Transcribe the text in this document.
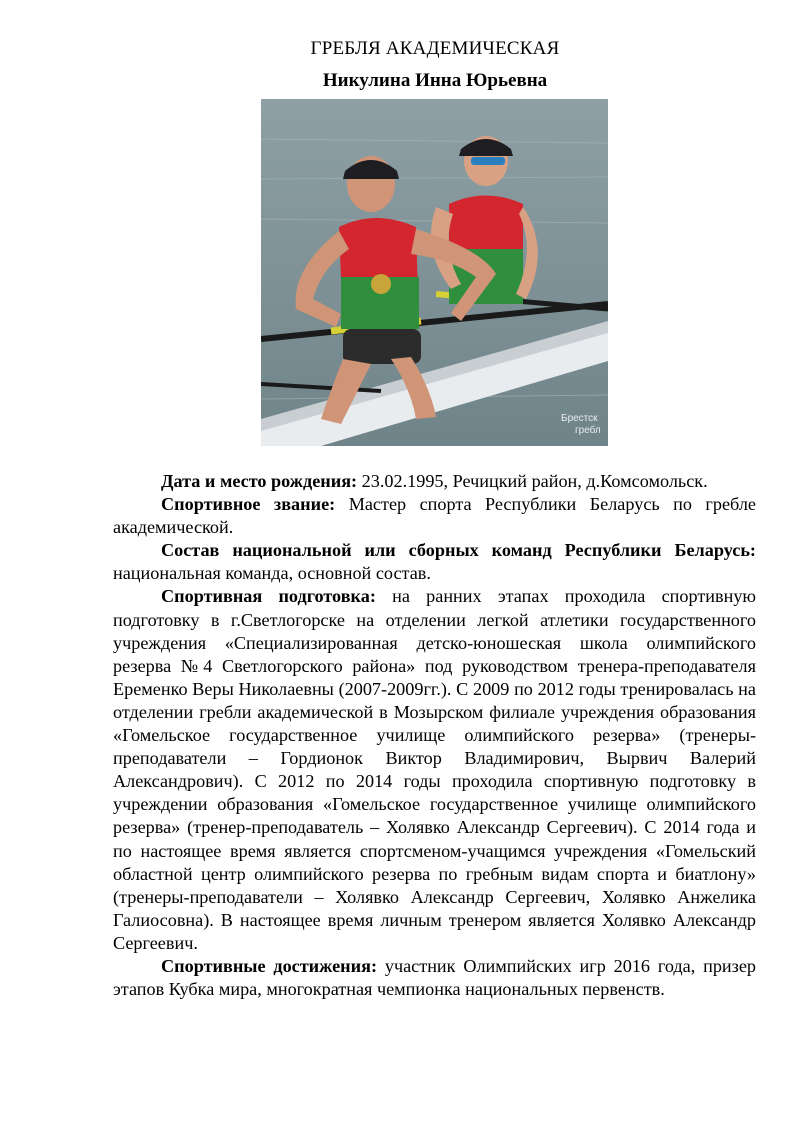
ГРЕБЛЯ АКАДЕМИЧЕСКАЯ
Никулина Инна Юрьевна
Брестск
гребл

Дата и место рождения: 23.02.1995, Речицкий район, д.Комсомольск.

Спортивное звание: Мастер спорта Республики Беларусь по гребле академической.

Состав национальной или сборных команд Республики Беларусь: национальная команда, основной состав.

Спортивная подготовка: на ранних этапах проходила спортивную подготовку в г.Светлогорске на отделении легкой атлетики государственного учреждения «Специализированная детско-юношеская школа олимпийского резерва №4 Светлогорского района» под руководством тренера-преподавателя Еременко Веры Николаевны (2007-2009гг.). С 2009 по 2012 годы тренировалась на отделении гребли академической в Мозырском филиале учреждения образования «Гомельское государственное училище олимпийского резерва» (тренеры-преподаватели – Гордионок Виктор Владимирович, Вырвич Валерий Александрович). С 2012 по 2014 годы проходила спортивную подготовку в учреждении образования «Гомельское государственное училище олимпийского резерва» (тренер-преподаватель – Холявко Александр Сергеевич). С 2014 года и по настоящее время является спортсменом-учащимся учреждения «Гомельский областной центр олимпийского резерва по гребным видам спорта и биатлону» (тренеры-преподаватели – Холявко Александр Сергеевич, Холявко Анжелика Галиосовна). В настоящее время личным тренером является Холявко Александр Сергеевич.

Спортивные достижения: участник Олимпийских игр 2016 года, призер этапов Кубка мира, многократная чемпионка национальных первенств.
